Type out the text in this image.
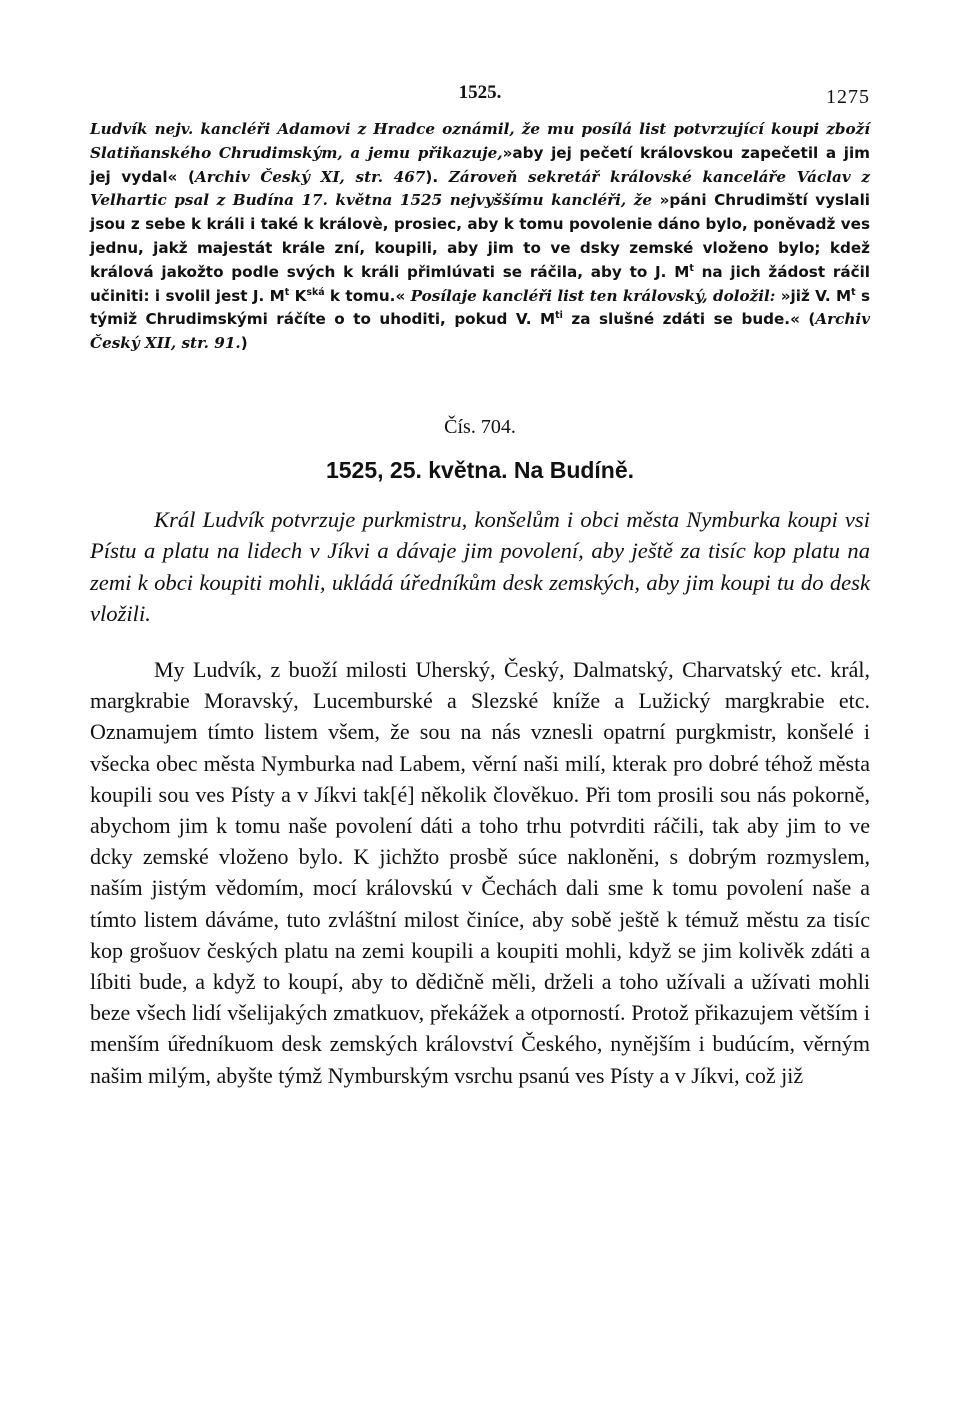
1525.	1275

Ludvík nejv. kancléři Adamovi z Hradce oznámil, že mu posílá list potvrzující koupi zboží Slatiňanského Chrudimským, a jemu přikazuje,»aby jej pečetí královskou zapečetil a jim jej vydal« (Archiv Český XI, str. 467). Zároveň sekretář královské kanceláře Václav z Velhartic psal z Budína 17. května 1525 nejvyššímu kancléři, že »páni Chrudimští vyslali jsou z sebe k králi i také k královè, prosiec, aby k tomu povolenie dáno bylo, poněvadž ves jednu, jakž majestát krále zní, koupili, aby jim to ve dsky zemské vloženo bylo; kdež králová jakožto podle svých k králi přimlúvati se ráčila, aby to J. $M^t$ na jich žádost ráčil učiniti: i svolil jest J. $M^t$ $K^{ská}$ k tomu.« Posílaje kancléři list ten královský, doložil: »již V. $M^t$ s týmiž Chrudimskými ráčíte o to uhoditi, pokud V. $M^{ti}$ za slušné zdáti se bude.« (Archiv Český XII, str. 91.)

Čís. 704.
1525, 25. května. Na Budíně.

Král Ludvík potvrzuje purkmistru, konšelům i obci města Nymburka koupi vsi Pístu a platu na lidech v Jíkvi a dávaje jim povolení, aby ještě za tisíc kop platu na zemi k obci koupiti mohli, ukládá úředníkům desk zemských, aby jim koupi tu do desk vložili.

My Ludvík, z buoží milosti Uherský, Český, Dalmatský, Charvatský etc. král, margkrabie Moravský, Lucemburské a Slezské kníže a Lužický margkrabie etc. Oznamujem tímto listem všem, že sou na nás vznesli opatrní purgkmistr, konšelé i všecka obec města Nymburka nad Labem, věrní naši milí, kterak pro dobré téhož města koupili sou ves Písty a v Jíkvi tak[é] několik člověkuo. Při tom prosili sou nás pokorně, abychom jim k tomu naše povolení dáti a toho trhu potvrditi ráčili, tak aby jim to ve dcky zemské vloženo bylo. K jichžto prosbě súce nakloněni, s dobrým rozmyslem, naším jistým vědomím, mocí královskú v Čechách dali sme k tomu povolení naše a tímto listem dáváme, tuto zvláštní milost činíce, aby sobě ještě k témuž městu za tisíc kop grošuov českých platu na zemi koupili a koupiti mohli, když se jim kolivěk zdáti a líbiti bude, a když to koupí, aby to dědičně měli, drželi a toho užívali a užívati mohli beze všech lidí všelijakých zmatkuov, překážek a otporností. Protož přikazujem větším i menším úředníkuom desk zemských království Českého, nynějším i budúcím, věrným našim milým, abyšte týmž Nymburským vsrchu psanú ves Písty a v Jíkvi, což již
